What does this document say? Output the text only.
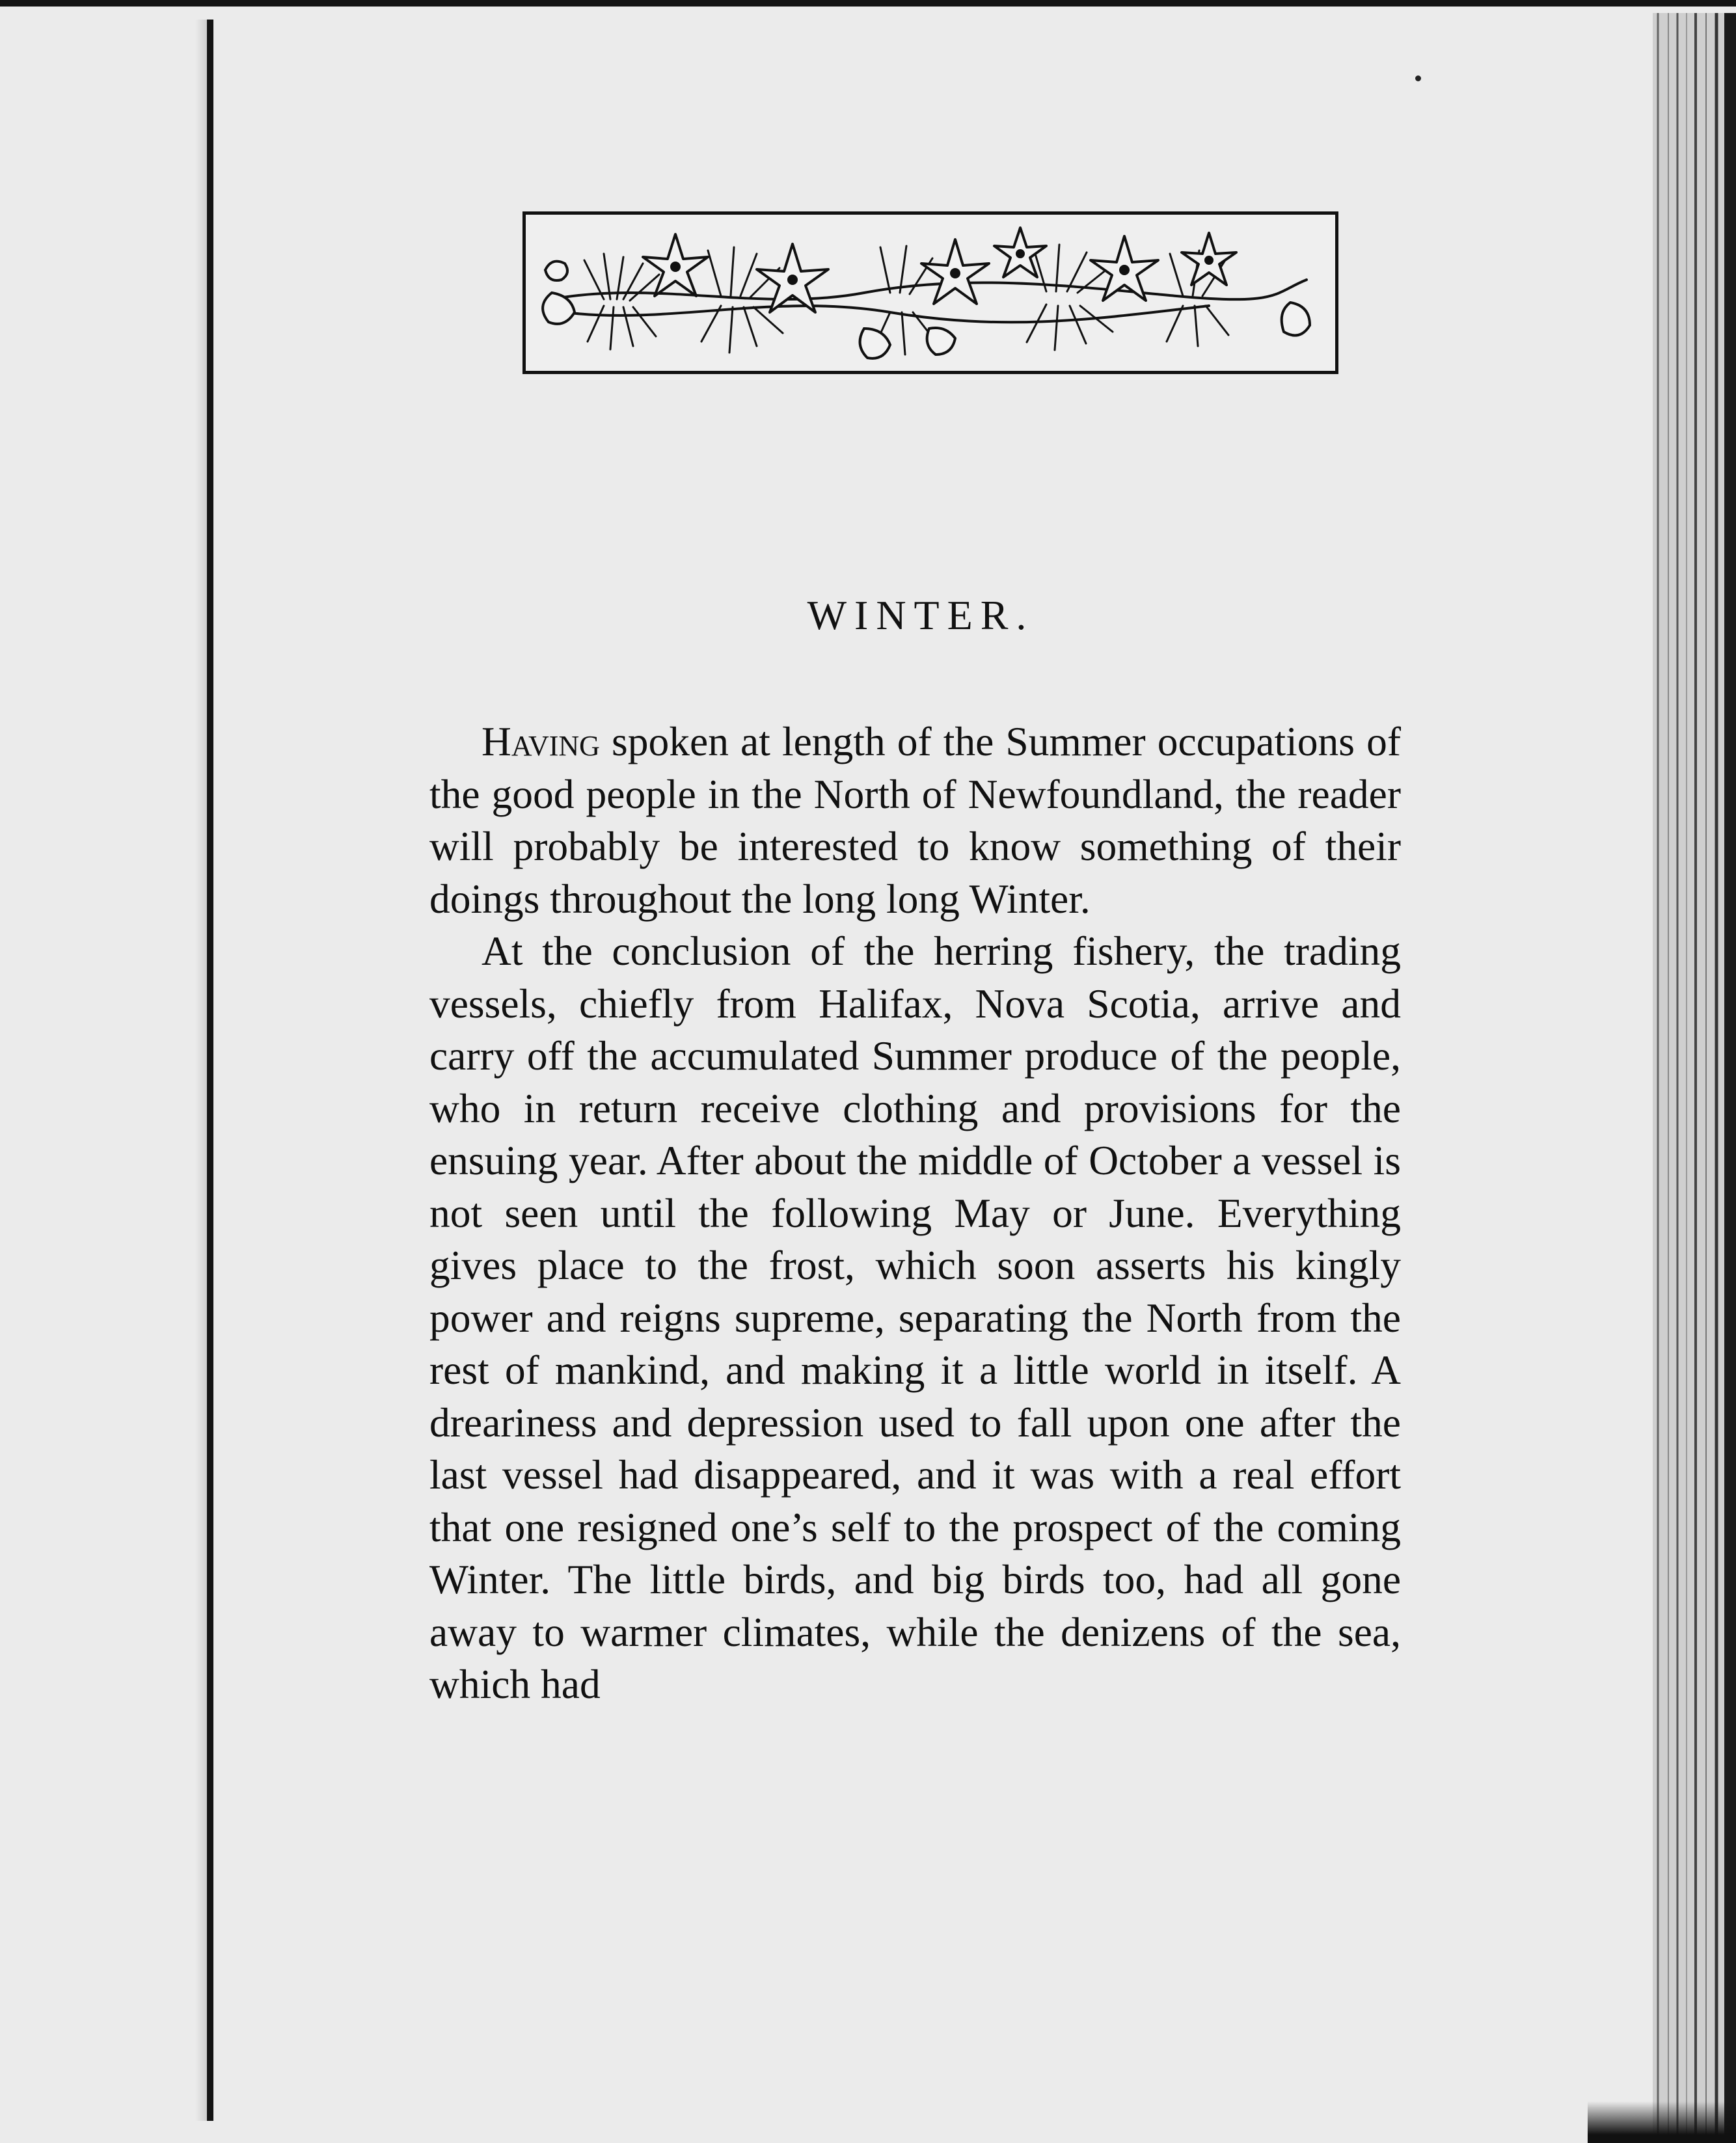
WINTER.

Having spoken at length of the Summer occupations of the good people in the North of Newfoundland, the reader will probably be interested to know something of their doings throughout the long long Winter.

At the conclusion of the herring fishery, the trading vessels, chiefly from Halifax, Nova Scotia, arrive and carry off the accumulated Summer produce of the people, who in return receive clothing and provisions for the ensuing year. After about the middle of October a vessel is not seen until the following May or June. Everything gives place to the frost, which soon asserts his kingly power and reigns supreme, separating the North from the rest of mankind, and making it a little world in itself. A dreariness and depression used to fall upon one after the last vessel had disappeared, and it was with a real effort that one resigned one’s self to the prospect of the coming Winter. The little birds, and big birds too, had all gone away to warmer climates, while the denizens of the sea, which had
